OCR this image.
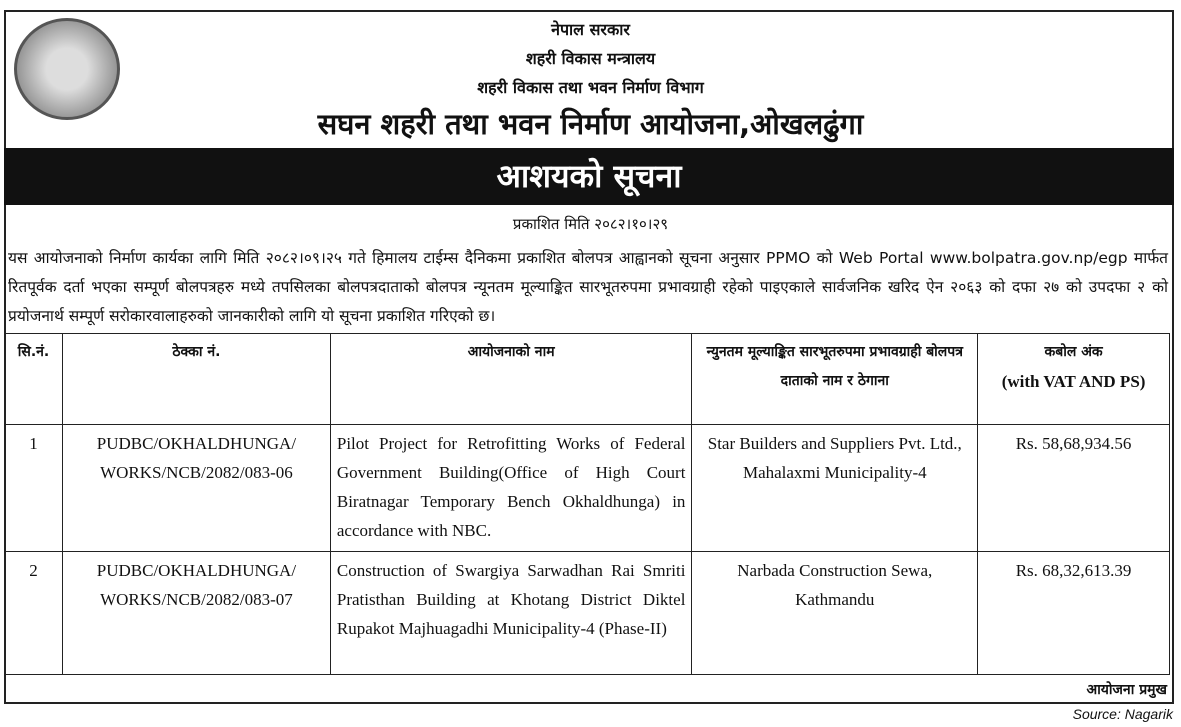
नेपाल सरकार
शहरी विकास मन्त्रालय
शहरी विकास तथा भवन निर्माण विभाग
सघन शहरी तथा भवन निर्माण आयोजना,ओखलढुंगा
आशयको सूचना
प्रकाशित मिति २०८२।१०।२९
यस आयोजनाको निर्माण कार्यका लागि मिति २०८२।०९।२५ गते हिमालय टाईम्स दैनिकमा प्रकाशित बोलपत्र आह्वानको सूचना अनुसार PPMO को Web Portal www.bolpatra.gov.np/egp मार्फत रितपूर्वक दर्ता भएका सम्पूर्ण बोलपत्रहरु मध्ये तपसिलका बोलपत्रदाताको बोलपत्र न्यूनतम मूल्याङ्कित सारभूतरुपमा प्रभावग्राही रहेको पाइएकाले सार्वजनिक खरिद ऐन २०६३ को दफा २७ को उपदफा २ को प्रयोजनार्थ सम्पूर्ण सरोकारवालाहरुको जानकारीको लागि यो सूचना प्रकाशित गरिएको छ।
सि.नं.	ठेक्का नं.	आयोजनाको नाम	न्युनतम मूल्याङ्कित सारभूतरुपमा प्रभावग्राही बोलपत्र दाताको नाम र ठेगाना	कबोल अंक
(with VAT AND PS)
1	PUDBC/OKHALDHUNGA/ WORKS/NCB/2082/083-06	Pilot Project for Retrofitting Works of Federal Government Building(Office of High Court Biratnagar Temporary Bench Okhaldhunga) in accordance with NBC.	Star Builders and Suppliers Pvt. Ltd., Mahalaxmi Municipality-4	Rs. 58,68,934.56
2	PUDBC/OKHALDHUNGA/ WORKS/NCB/2082/083-07	Construction of Swargiya Sarwadhan Rai Smriti Pratisthan Building at Khotang District Diktel Rupakot Majhuagadhi Municipality-4 (Phase-II)	Narbada Construction Sewa, Kathmandu	Rs. 68,32,613.39
आयोजना प्रमुख
Source: Nagarik
